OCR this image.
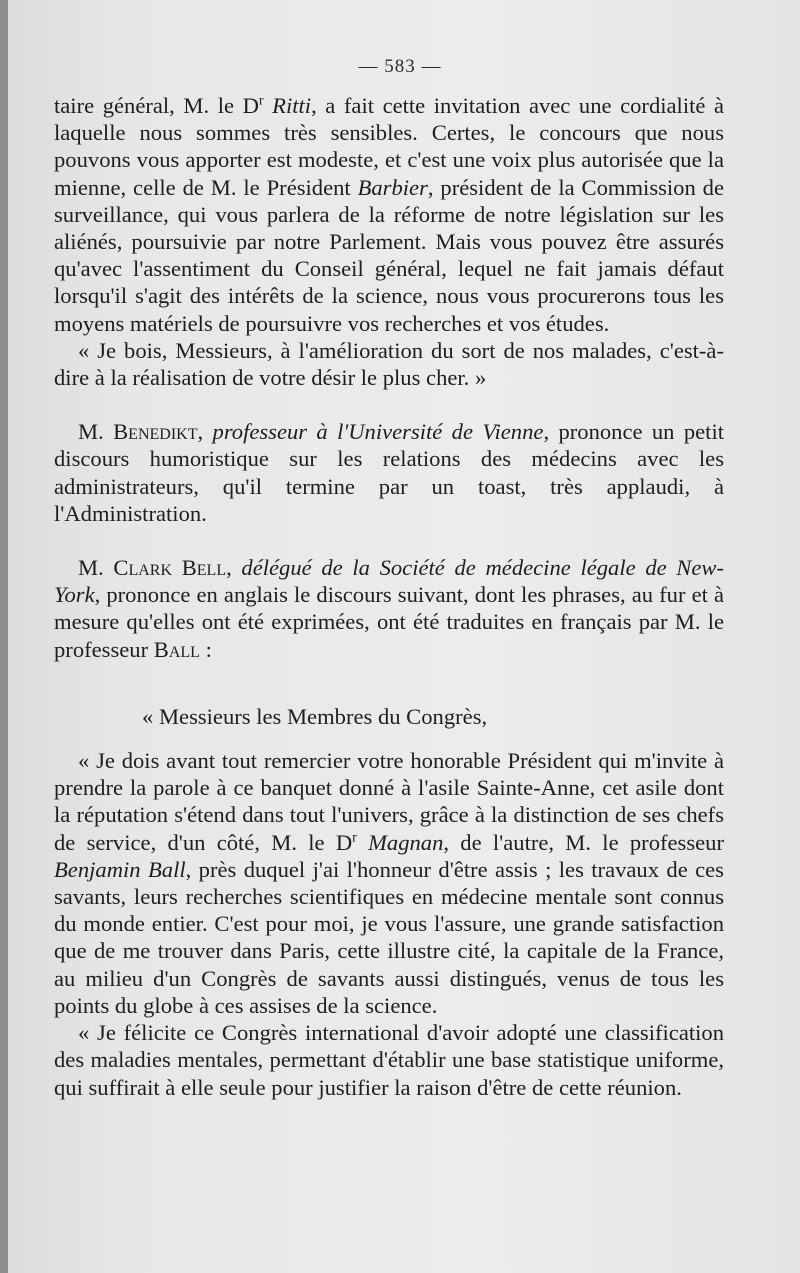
— 583 —

taire général, M. le $D^r$ Ritti, a fait cette invitation avec une cordialité à laquelle nous sommes très sensibles. Certes, le concours que nous pouvons vous apporter est modeste, et c'est une voix plus autorisée que la mienne, celle de M. le Président Barbier, président de la Commission de surveillance, qui vous parlera de la réforme de notre législation sur les aliénés, poursuivie par notre Parlement. Mais vous pouvez être assurés qu'avec l'assentiment du Conseil général, lequel ne fait jamais défaut lorsqu'il s'agit des intérêts de la science, nous vous procurerons tous les moyens matériels de poursuivre vos recherches et vos études.

« Je bois, Messieurs, à l'amélioration du sort de nos malades, c'est-à-dire à la réalisation de votre désir le plus cher. »

M. Benedikt, professeur à l'Université de Vienne, prononce un petit discours humoristique sur les relations des médecins avec les administrateurs, qu'il termine par un toast, très applaudi, à l'Administration.

M. Clark Bell, délégué de la Société de médecine légale de New-York, prononce en anglais le discours suivant, dont les phrases, au fur et à mesure qu'elles ont été exprimées, ont été traduites en français par M. le professeur Ball :

« Messieurs les Membres du Congrès,

« Je dois avant tout remercier votre honorable Président qui m'invite à prendre la parole à ce banquet donné à l'asile Sainte-Anne, cet asile dont la réputation s'étend dans tout l'univers, grâce à la distinction de ses chefs de service, d'un côté, M. le $D^r$ Magnan, de l'autre, M. le professeur Benjamin Ball, près duquel j'ai l'honneur d'être assis ; les travaux de ces savants, leurs recherches scientifiques en médecine mentale sont connus du monde entier. C'est pour moi, je vous l'assure, une grande satisfaction que de me trouver dans Paris, cette illustre cité, la capitale de la France, au milieu d'un Congrès de savants aussi distingués, venus de tous les points du globe à ces assises de la science.

« Je félicite ce Congrès international d'avoir adopté une classification des maladies mentales, permettant d'établir une base statistique uniforme, qui suffirait à elle seule pour justifier la raison d'être de cette réunion.
